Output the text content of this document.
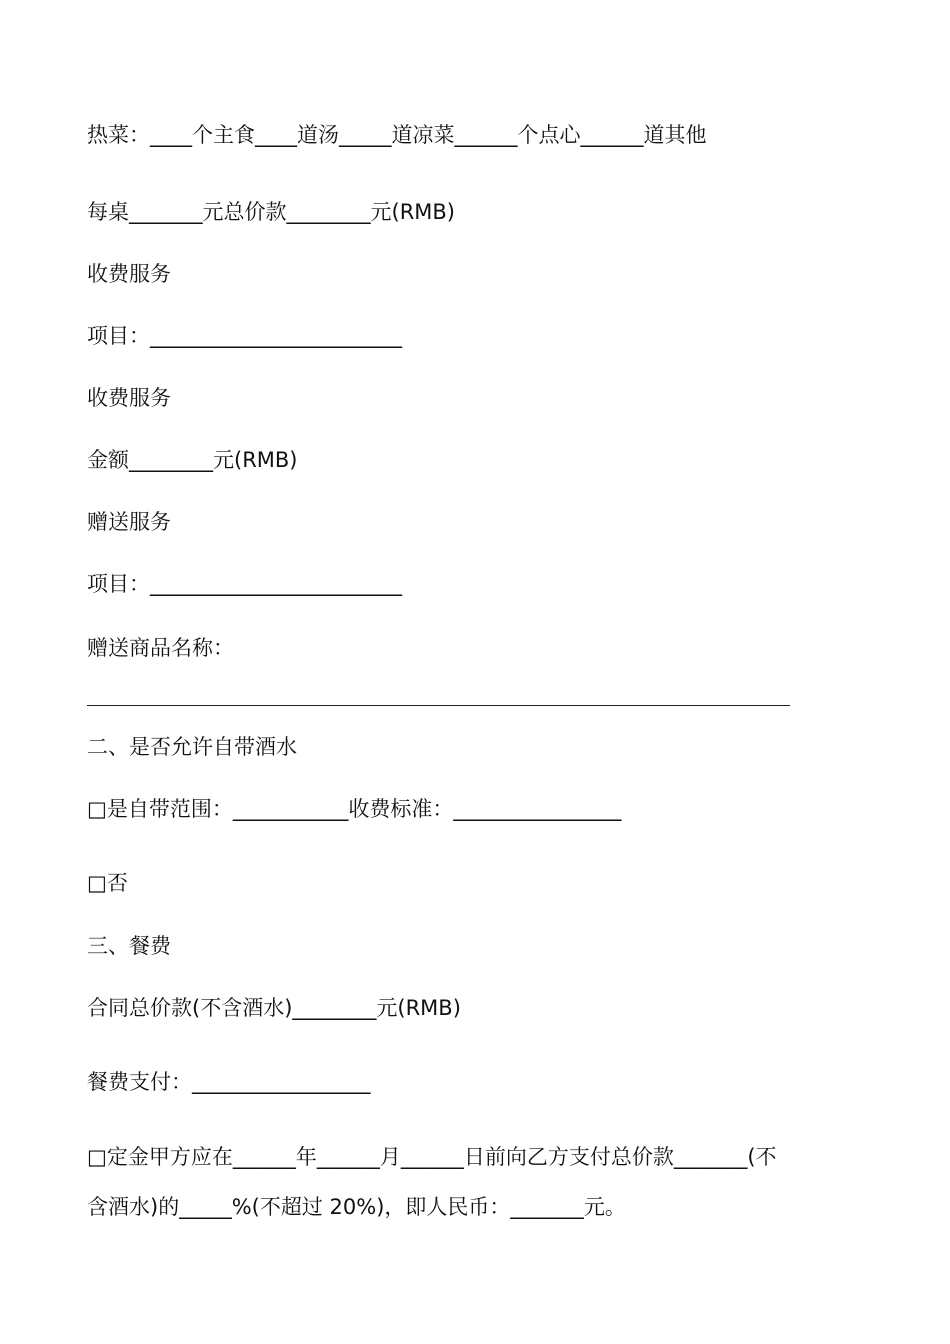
热菜：____个主食____道汤_____道凉菜______个点心______道其他
每桌_______元总价款________元(RMB)
收费服务
项目：________________________
收费服务
金额________元(RMB)
赠送服务
项目：________________________
赠送商品名称：
二、是否允许自带酒水
□是自带范围：___________收费标准：________________
□否
三、餐费
合同总价款(不含酒水)________元(RMB)
餐费支付：_________________
□定金甲方应在______年______月______日前向乙方支付总价款_______(不
含酒水)的_____%(不超过 20%)，即人民币：_______元。
